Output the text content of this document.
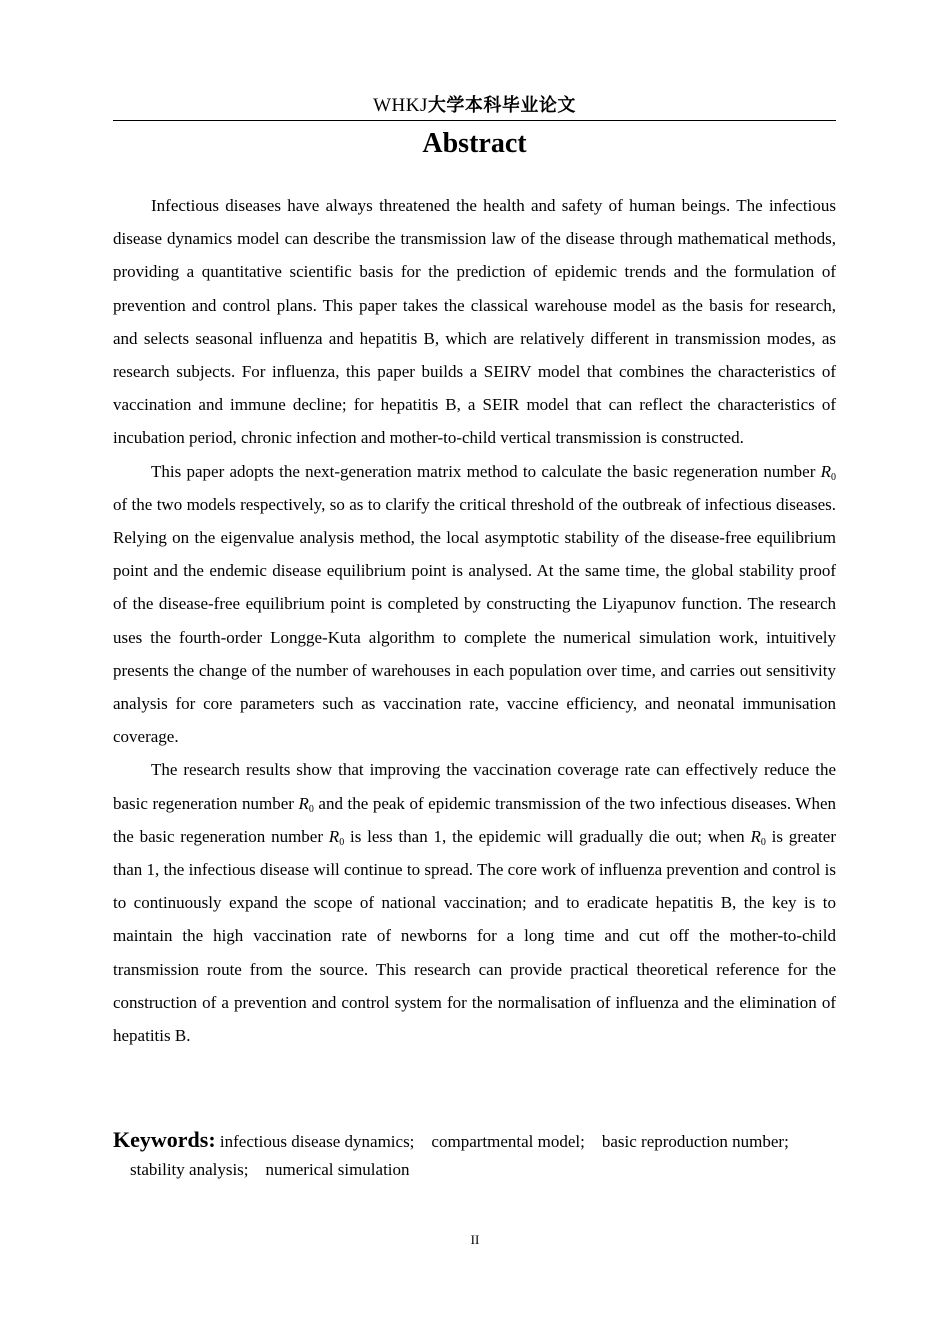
WHKJ大学本科毕业论文
Abstract

Infectious diseases have always threatened the health and safety of human beings. The infectious disease dynamics model can describe the transmission law of the disease through mathematical methods, providing a quantitative scientific basis for the prediction of epidemic trends and the formulation of prevention and control plans. This paper takes the classical warehouse model as the basis for research, and selects seasonal influenza and hepatitis B, which are relatively different in transmission modes, as research subjects. For influenza, this paper builds a SEIRV model that combines the characteristics of vaccination and immune decline; for hepatitis B, a SEIR model that can reflect the characteristics of incubation period, chronic infection and mother-to-child vertical transmission is constructed.

This paper adopts the next-generation matrix method to calculate the basic regeneration number $R_0$ of the two models respectively, so as to clarify the critical threshold of the outbreak of infectious diseases. Relying on the eigenvalue analysis method, the local asymptotic stability of the disease-free equilibrium point and the endemic disease equilibrium point is analysed. At the same time, the global stability proof of the disease-free equilibrium point is completed by constructing the Liyapunov function. The research uses the fourth-order Longge-Kuta algorithm to complete the numerical simulation work, intuitively presents the change of the number of warehouses in each population over time, and carries out sensitivity analysis for core parameters such as vaccination rate, vaccine efficiency, and neonatal immunisation coverage.

The research results show that improving the vaccination coverage rate can effectively reduce the basic regeneration number $R_0$ and the peak of epidemic transmission of the two infectious diseases. When the basic regeneration number $R_0$ is less than 1, the epidemic will gradually die out; when $R_0$ is greater than 1, the infectious disease will continue to spread. The core work of influenza prevention and control is to continuously expand the scope of national vaccination; and to eradicate hepatitis B, the key is to maintain the high vaccination rate of newborns for a long time and cut off the mother-to-child transmission route from the source. This research can provide practical theoretical reference for the construction of a prevention and control system for the normalisation of influenza and the elimination of hepatitis B.

Keywords: infectious disease dynamics; compartmental model; basic reproduction number;    stability analysis; numerical simulation
II
